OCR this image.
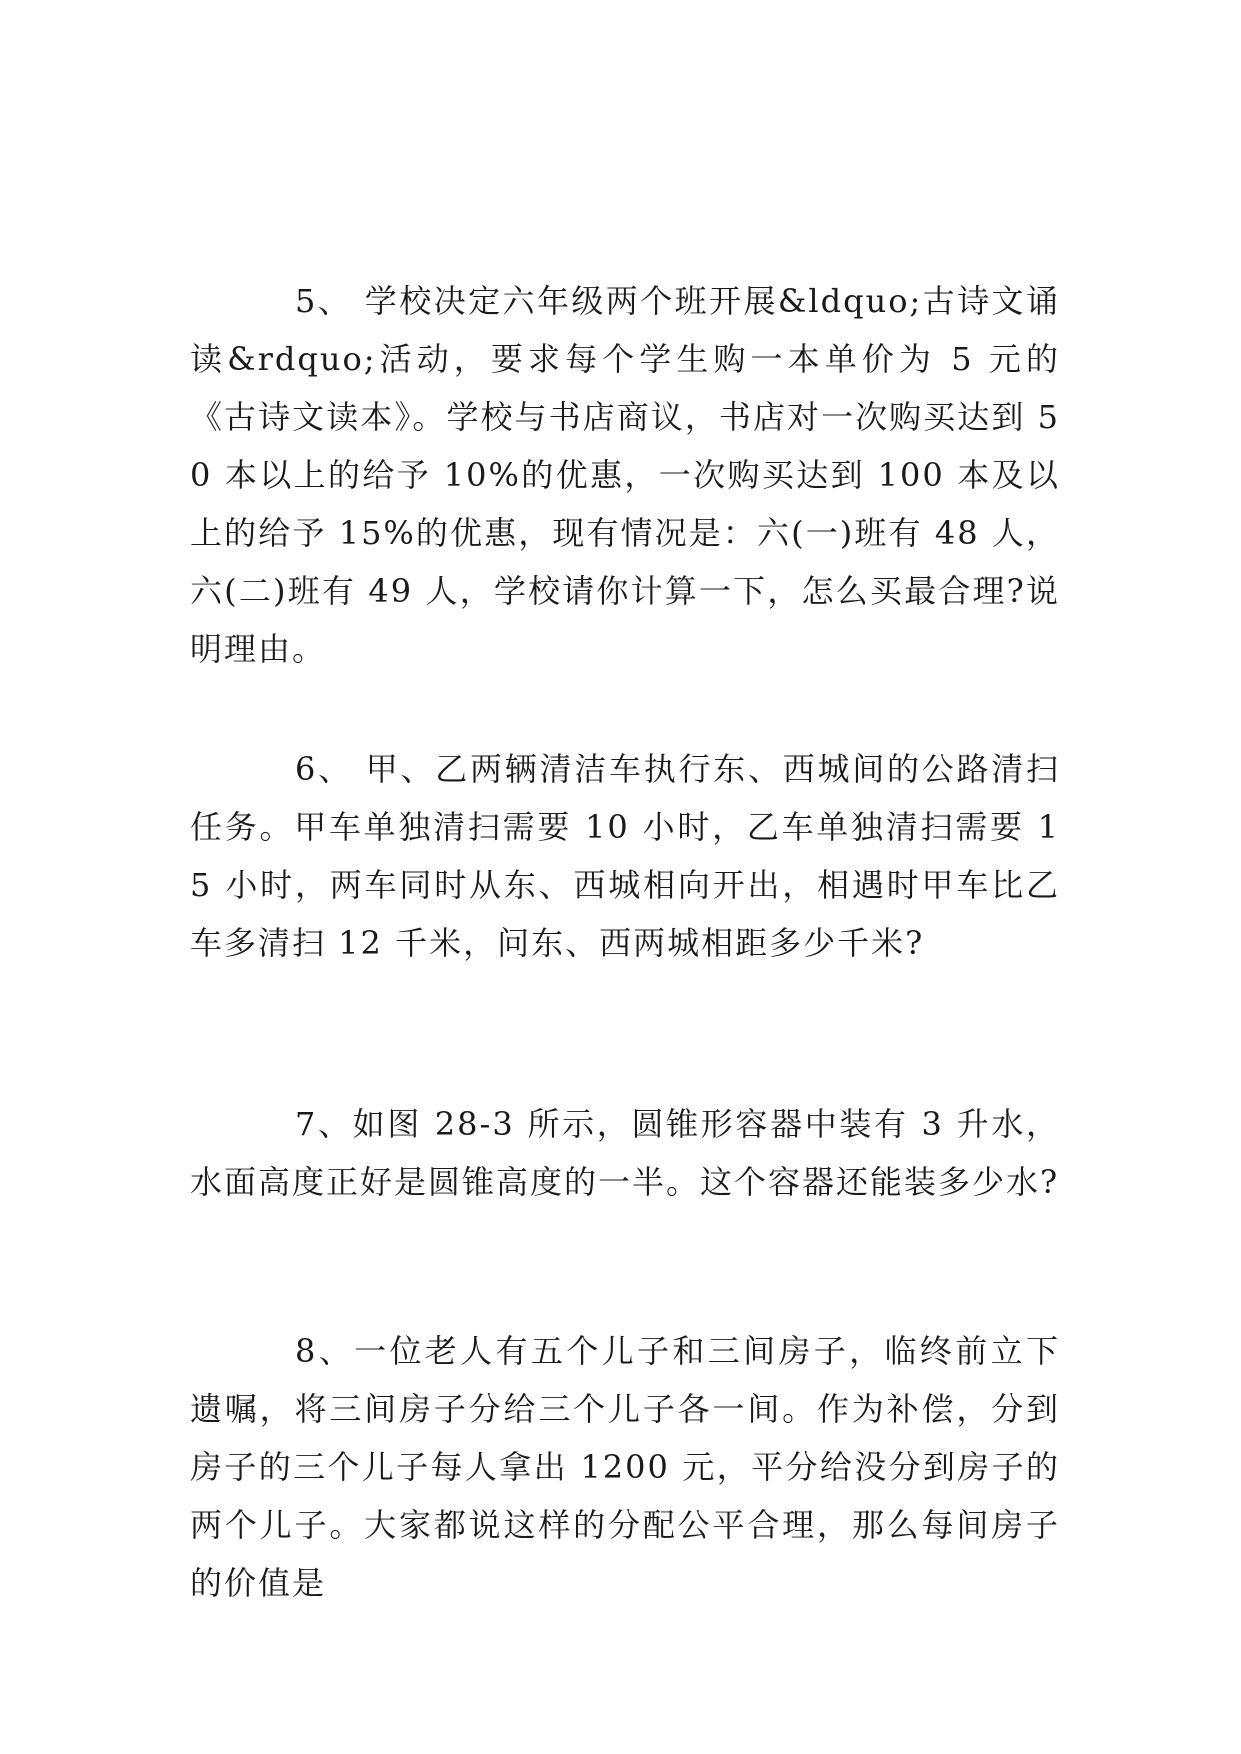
5、 学校决定六年级两个班开展&ldquo;古诗文诵读&rdquo;活动，要求每个学生购一本单价为 5 元的《古诗文读本》。学校与书店商议，书店对一次购买达到 50 本以上的给予 10%的优惠，一次购买达到 100 本及以上的给予 15%的优惠，现有情况是：六(一)班有 48 人，六(二)班有 49 人，学校请你计算一下，怎么买最合理?说明理由。

6、 甲、乙两辆清洁车执行东、西城间的公路清扫任务。甲车单独清扫需要 10 小时，乙车单独清扫需要 15 小时，两车同时从东、西城相向开出，相遇时甲车比乙车多清扫 12 千米，问东、西两城相距多少千米?

7、如图 28-3 所示，圆锥形容器中装有 3 升水，水面高度正好是圆锥高度的一半。这个容器还能装多少水?

8、一位老人有五个儿子和三间房子，临终前立下遗嘱，将三间房子分给三个儿子各一间。作为补偿，分到房子的三个儿子每人拿出 1200 元，平分给没分到房子的两个儿子。大家都说这样的分配公平合理，那么每间房子的价值是
